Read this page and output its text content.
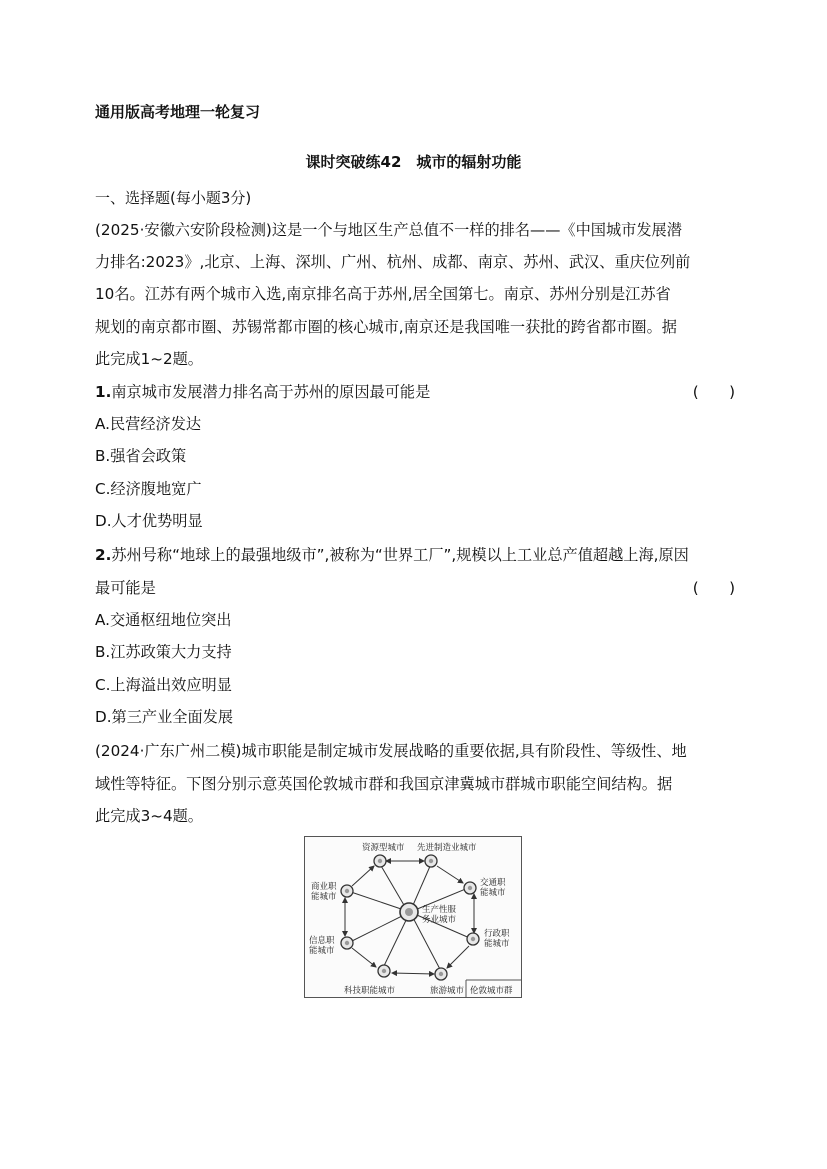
通用版高考地理一轮复习
课时突破练42　城市的辐射功能
一、选择题(每小题3分)
(2025·安徽六安阶段检测)这是一个与地区生产总值不一样的排名——《中国城市发展潜
力排名:2023》,北京、上海、深圳、广州、杭州、成都、南京、苏州、武汉、重庆位列前
10名。江苏有两个城市入选,南京排名高于苏州,居全国第七。南京、苏州分别是江苏省
规划的南京都市圈、苏锡常都市圈的核心城市,南京还是我国唯一获批的跨省都市圈。据
此完成1~2题。
1.南京城市发展潜力排名高于苏州的原因最可能是	(　　)
A.民营经济发达
B.强省会政策
C.经济腹地宽广
D.人才优势明显
2.苏州号称“地球上的最强地级市”,被称为“世界工厂”,规模以上工业总产值超越上海,原因
最可能是	(　　)
A.交通枢纽地位突出
B.江苏政策大力支持
C.上海溢出效应明显
D.第三产业全面发展
(2024·广东广州二模)城市职能是制定城市发展战略的重要依据,具有阶段性、等级性、地
域性等特征。下图分别示意英国伦敦城市群和我国京津冀城市群城市职能空间结构。据
此完成3~4题。
资源型城市 先进制造业城市
交通职
能城市
行政职
能城市
旅游城市
科技职能城市
信息职
能城市
商业职
能城市
生产性服
务业城市
伦敦城市群
